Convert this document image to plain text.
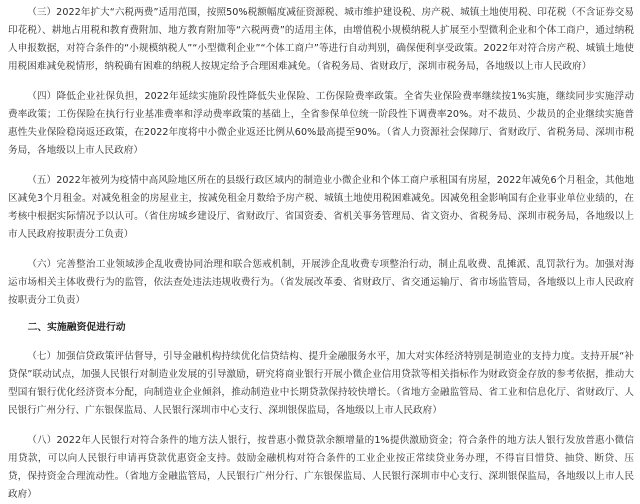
（三）2022年扩大“六税两费”适用范围，按照50%税额幅度减征资源税、城市维护建设税、房产税、城镇土地使用税、印花税（不含证券交易印花税）、耕地占用税和教育费附加、地方教育附加等“六税两费”的适用主体，由增值税小规模纳税人扩展至小型微利企业和个体工商户，通过纳税人申报数据，对符合条件的“小规模纳税人”“小型微利企业”“个体工商户”等进行自动判别，确保便利享受政策。2022年对符合房产税、城镇土地使用税困难减免税情形，纳税确有困难的纳税人按规定给予合理困难减免。（省税务局、省财政厅，深圳市税务局，各地级以上市人民政府）

（四）降低企业社保负担，2022年延续实施阶段性降低失业保险、工伤保险费率政策。全省失业保险费率继续按1%实施，继续同步实施浮动费率政策；工伤保险在执行行业基准费率和浮动费率政策的基础上，全省参保单位统一阶段性下调费率20%。对不裁员、少裁员的企业继续实施普惠性失业保险稳岗返还政策，在2022年度将中小微企业返还比例从60%最高提至90%。（省人力资源社会保障厅、省财政厅、省税务局、深圳市税务局，各地级以上市人民政府）

（五）2022年被列为疫情中高风险地区所在的县级行政区域内的制造业小微企业和个体工商户承租国有房屋，2022年减免6个月租金，其他地区减免3个月租金。对减免租金的房屋业主，按减免租金月数给予房产税、城镇土地使用税困难减免。因减免租金影响国有企业事业单位业绩的，在考核中根据实际情况予以认可。（省住房城乡建设厅、省财政厅、省国资委、省机关事务管理局、省文资办、省税务局、深圳市税务局，各地级以上市人民政府按职责分工负责）

（六）完善整治工业领域涉企乱收费协同治理和联合惩戒机制，开展涉企乱收费专项整治行动，制止乱收费、乱摊派、乱罚款行为。加强对海运市场相关主体收费行为的监管，依法查处违法违规收费行为。（省发展改革委、省财政厅、省交通运输厅、省市场监管局，各地级以上市人民政府按职责分工负责）

二、实施融资促进行动

（七）加强信贷政策评估督导，引导金融机构持续优化信贷结构、提升金融服务水平，加大对实体经济特别是制造业的支持力度。支持开展“补贷保”联动试点，加强人民银行对制造业发展的引导激励，研究将商业银行开展小微企业信用贷款等相关指标作为财政资金存放的参考依据，推动大型国有银行优化经济资本分配，向制造业企业倾斜，推动制造业中长期贷款保持较快增长。（省地方金融监管局、省工业和信息化厅、省财政厅、人民银行广州分行、广东银保监局、人民银行深圳市中心支行、深圳银保监局，各地级以上市人民政府）

（八）2022年人民银行对符合条件的地方法人银行，按普惠小微贷款余额增量的1%提供激励资金；符合条件的地方法人银行发放普惠小微信用贷款，可以向人民银行申请再贷款优惠资金支持。鼓励金融机构对符合条件的工业企业按正常续贷业务办理，不得盲目惜贷、抽贷、断贷、压贷，保持资金合理流动性。（省地方金融监管局，人民银行广州分行、广东银保监局、人民银行深圳市中心支行、深圳银保监局，各地级以上市人民政府）
